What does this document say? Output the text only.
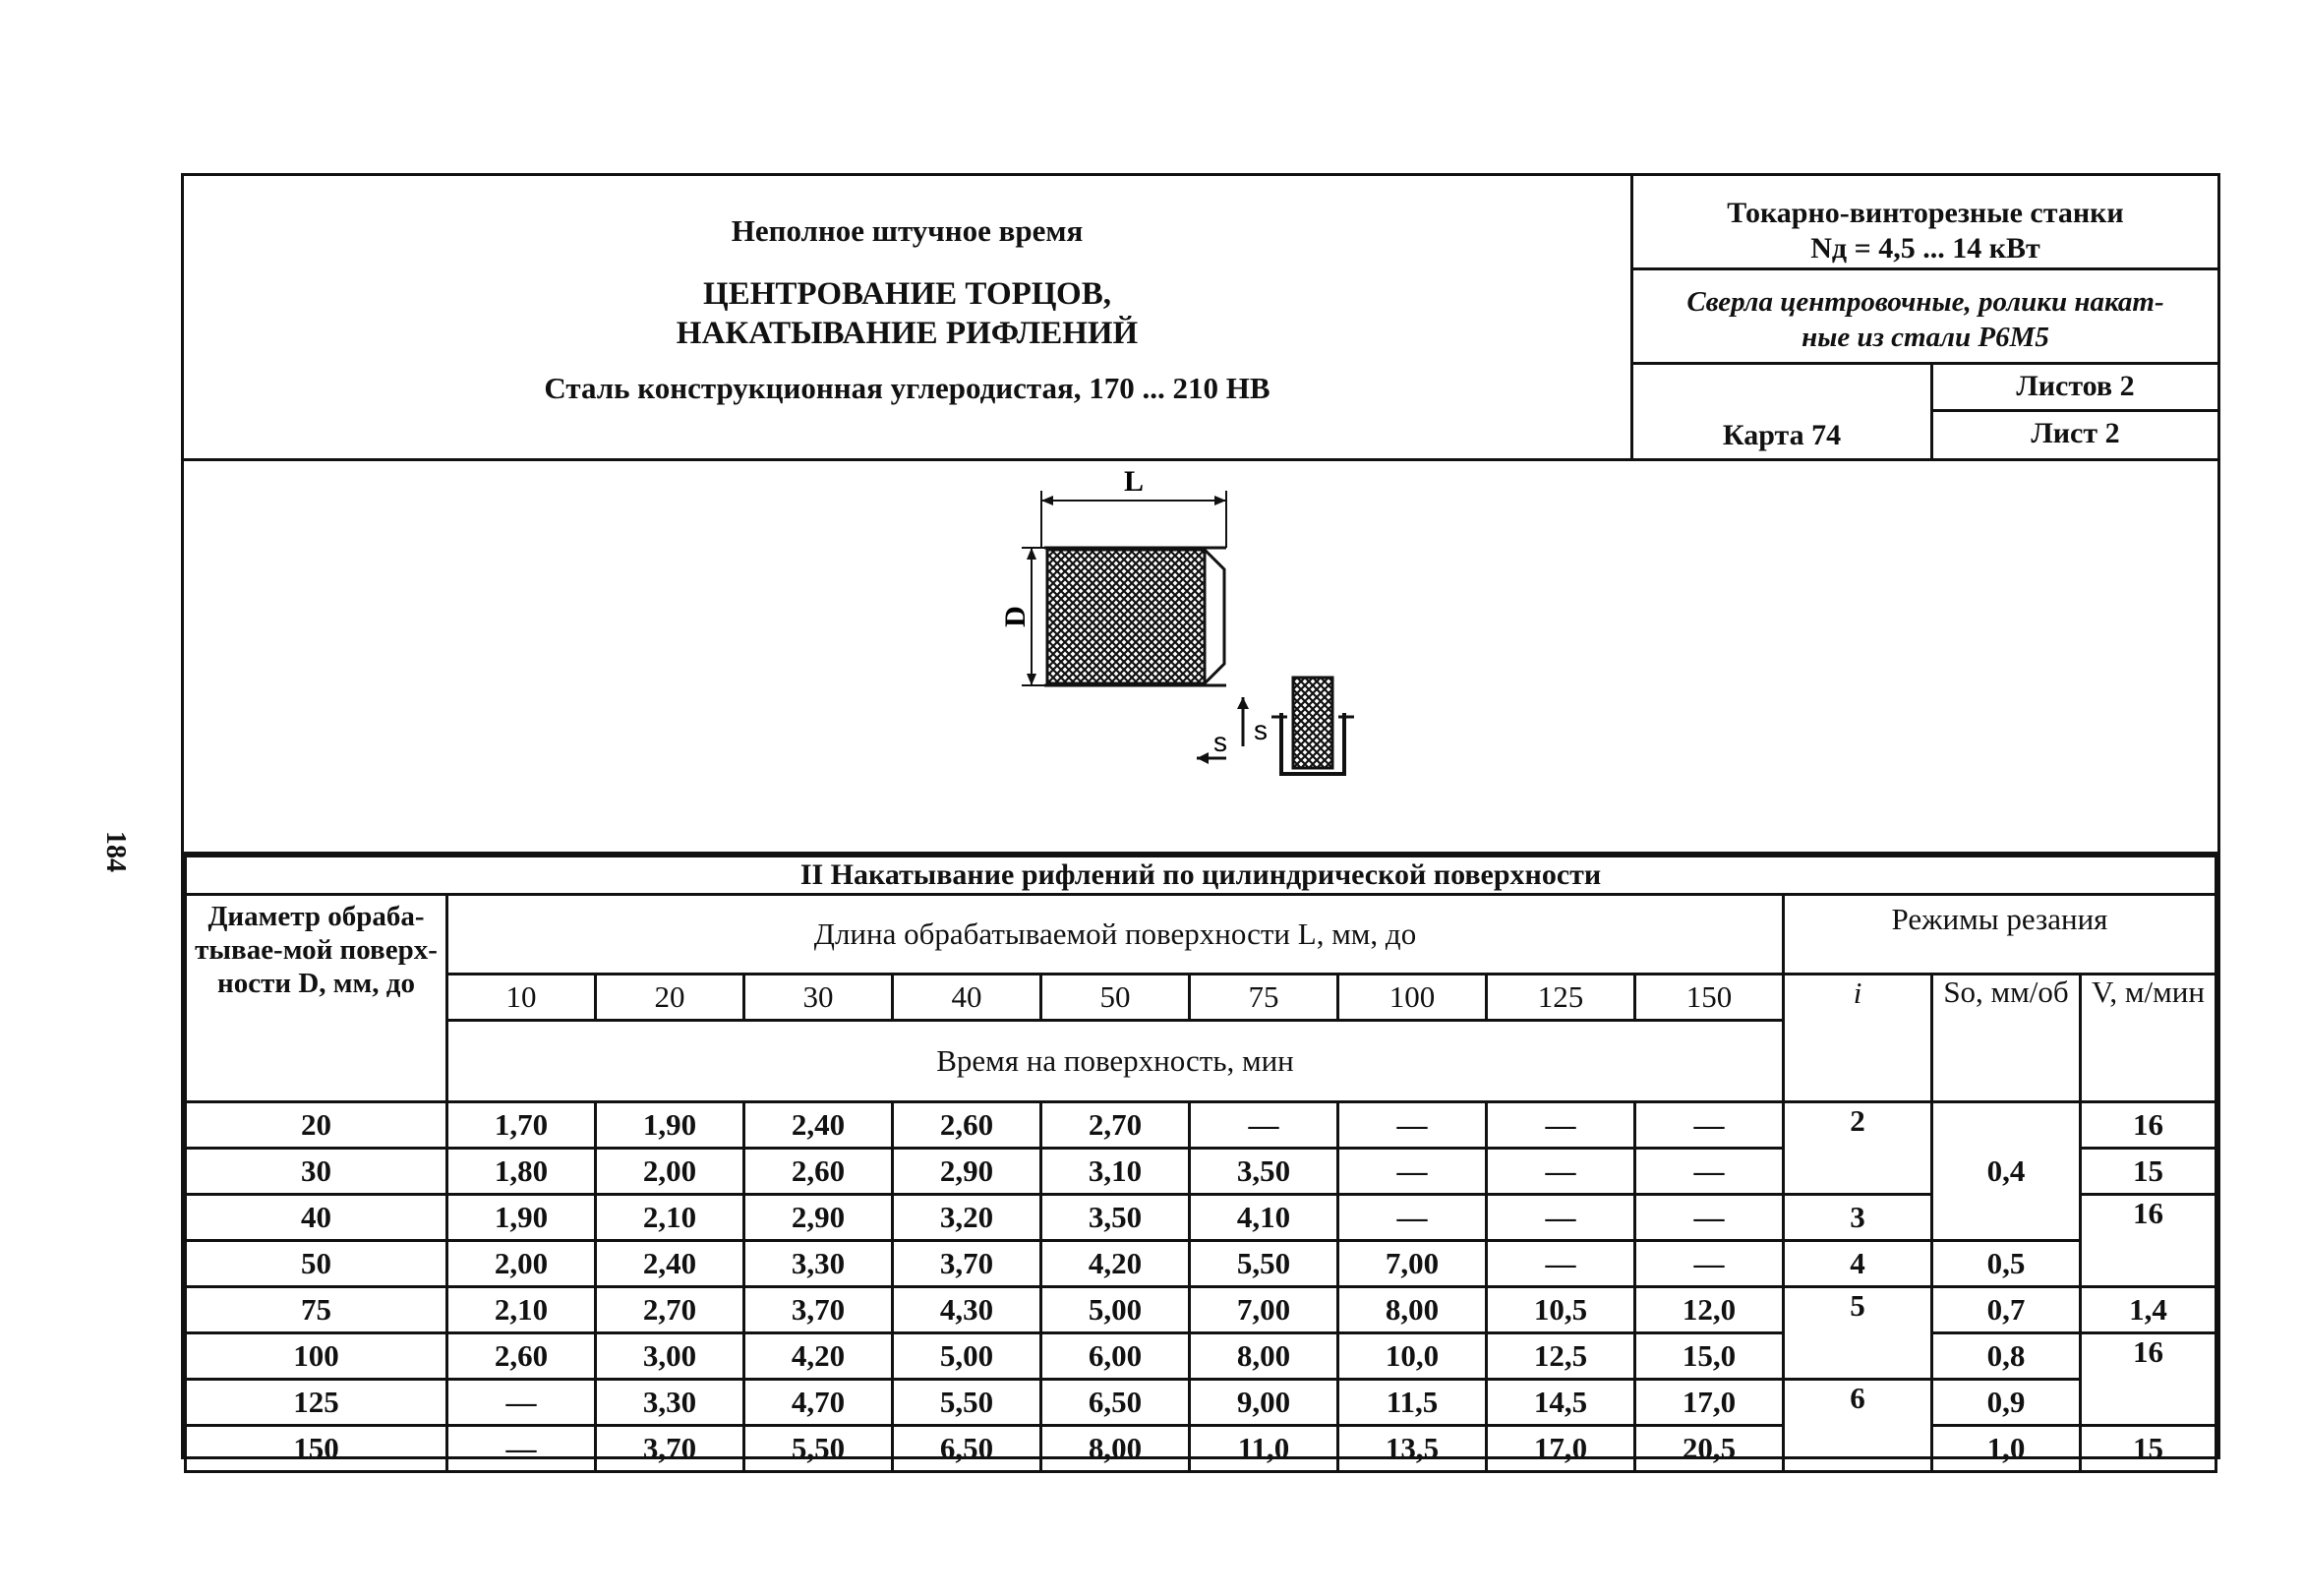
184
Неполное штучное время
ЦЕНТРОВАНИЕ ТОРЦОВ,
НАКАТЫВАНИЕ РИФЛЕНИЙ
Сталь конструкционная углеродистая, 170 ... 210 НВ
Токарно-винторезные станки
Nд = 4,5 ... 14 кВт
Сверла центровочные, ролики накат-
ные из стали Р6М5
Карта 74
Листов 2
Лист 2
L
D
s s
II Накатывание рифлений по цилиндрической поверхности												
Диаметр обраба-тывае-мой поверх-ности D, мм, до	Длина обрабатываемой поверхности L, мм, до									Режимы резания		
	10	20	30	40	50	75	100	125	150	i	So, мм/об	V, м/мин
	Время на поверхность, мин											
20	1,70	1,90	2,40	2,60	2,70	—	—	—	—	2	0,4	16
30	1,80	2,00	2,60	2,90	3,10	3,50	—	—	—			15
40	1,90	2,10	2,90	3,20	3,50	4,10	—	—	—	3		16
50	2,00	2,40	3,30	3,70	4,20	5,50	7,00	—	—	4	0,5	
75	2,10	2,70	3,70	4,30	5,00	7,00	8,00	10,5	12,0	5	0,7	1,4
100	2,60	3,00	4,20	5,00	6,00	8,00	10,0	12,5	15,0		0,8	16
125	—	3,30	4,70	5,50	6,50	9,00	11,5	14,5	17,0	6	0,9	
150	—	3,70	5,50	6,50	8,00	11,0	13,5	17,0	20,5		1,0	15
